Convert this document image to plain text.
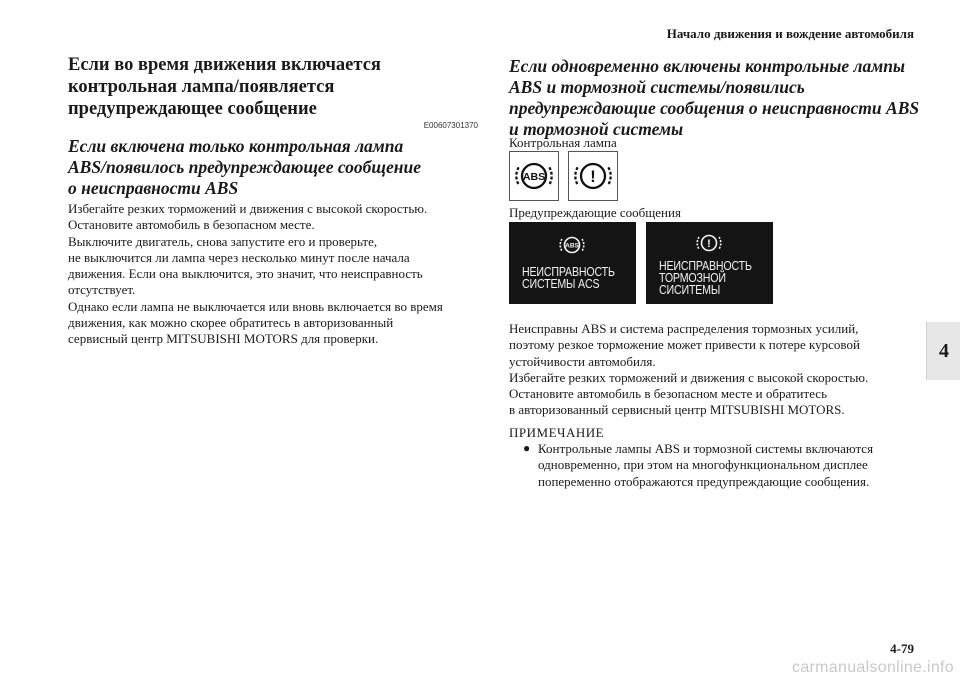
Начало движения и вождение автомобиля
4
Если во время движения включается
контрольная лампа/появляется
предупреждающее сообщение
E00607301370
Если включена только контрольная лампа
ABS/появилось предупреждающее сообщение
о неисправности ABS
Избегайте резких торможений и движения с высокой скоростью.
Остановите автомобиль в безопасном месте.
Выключите двигатель, снова запустите его и проверьте,
не выключится ли лампа через несколько минут после начала
движения. Если она выключится, это значит, что неисправность
отсутствует.
Однако если лампа не выключается или вновь включается во время
движения, как можно скорее обратитесь в авторизованный
сервисный центр MITSUBISHI MOTORS для проверки.
Если одновременно включены контрольные лампы
ABS и тормозной системы/появились
предупреждающие сообщения о неисправности ABS
и тормозной системы
Контрольная лампа
ABS	!
Предупреждающие сообщения
ABS
НЕИСПРАВНОСТЬ
СИСТЕМЫ ACS
!
НЕИСПРАВНОСТЬ
ТОРМОЗНОЙ
СИСИТЕМЫ
Неисправны ABS и система распределения тормозных усилий,
поэтому резкое торможение может привести к потере курсовой
устойчивости автомобиля.
Избегайте резких торможений и движения с высокой скоростью.
Остановите автомобиль в безопасном месте и обратитесь
в авторизованный сервисный центр MITSUBISHI MOTORS.
ПРИМЕЧАНИЕ
● Контрольные лампы ABS и тормозной системы включаются
одновременно, при этом на многофункциональном дисплее
попеременно отображаются предупреждающие сообщения.
4-79
carmanualsonline.info
